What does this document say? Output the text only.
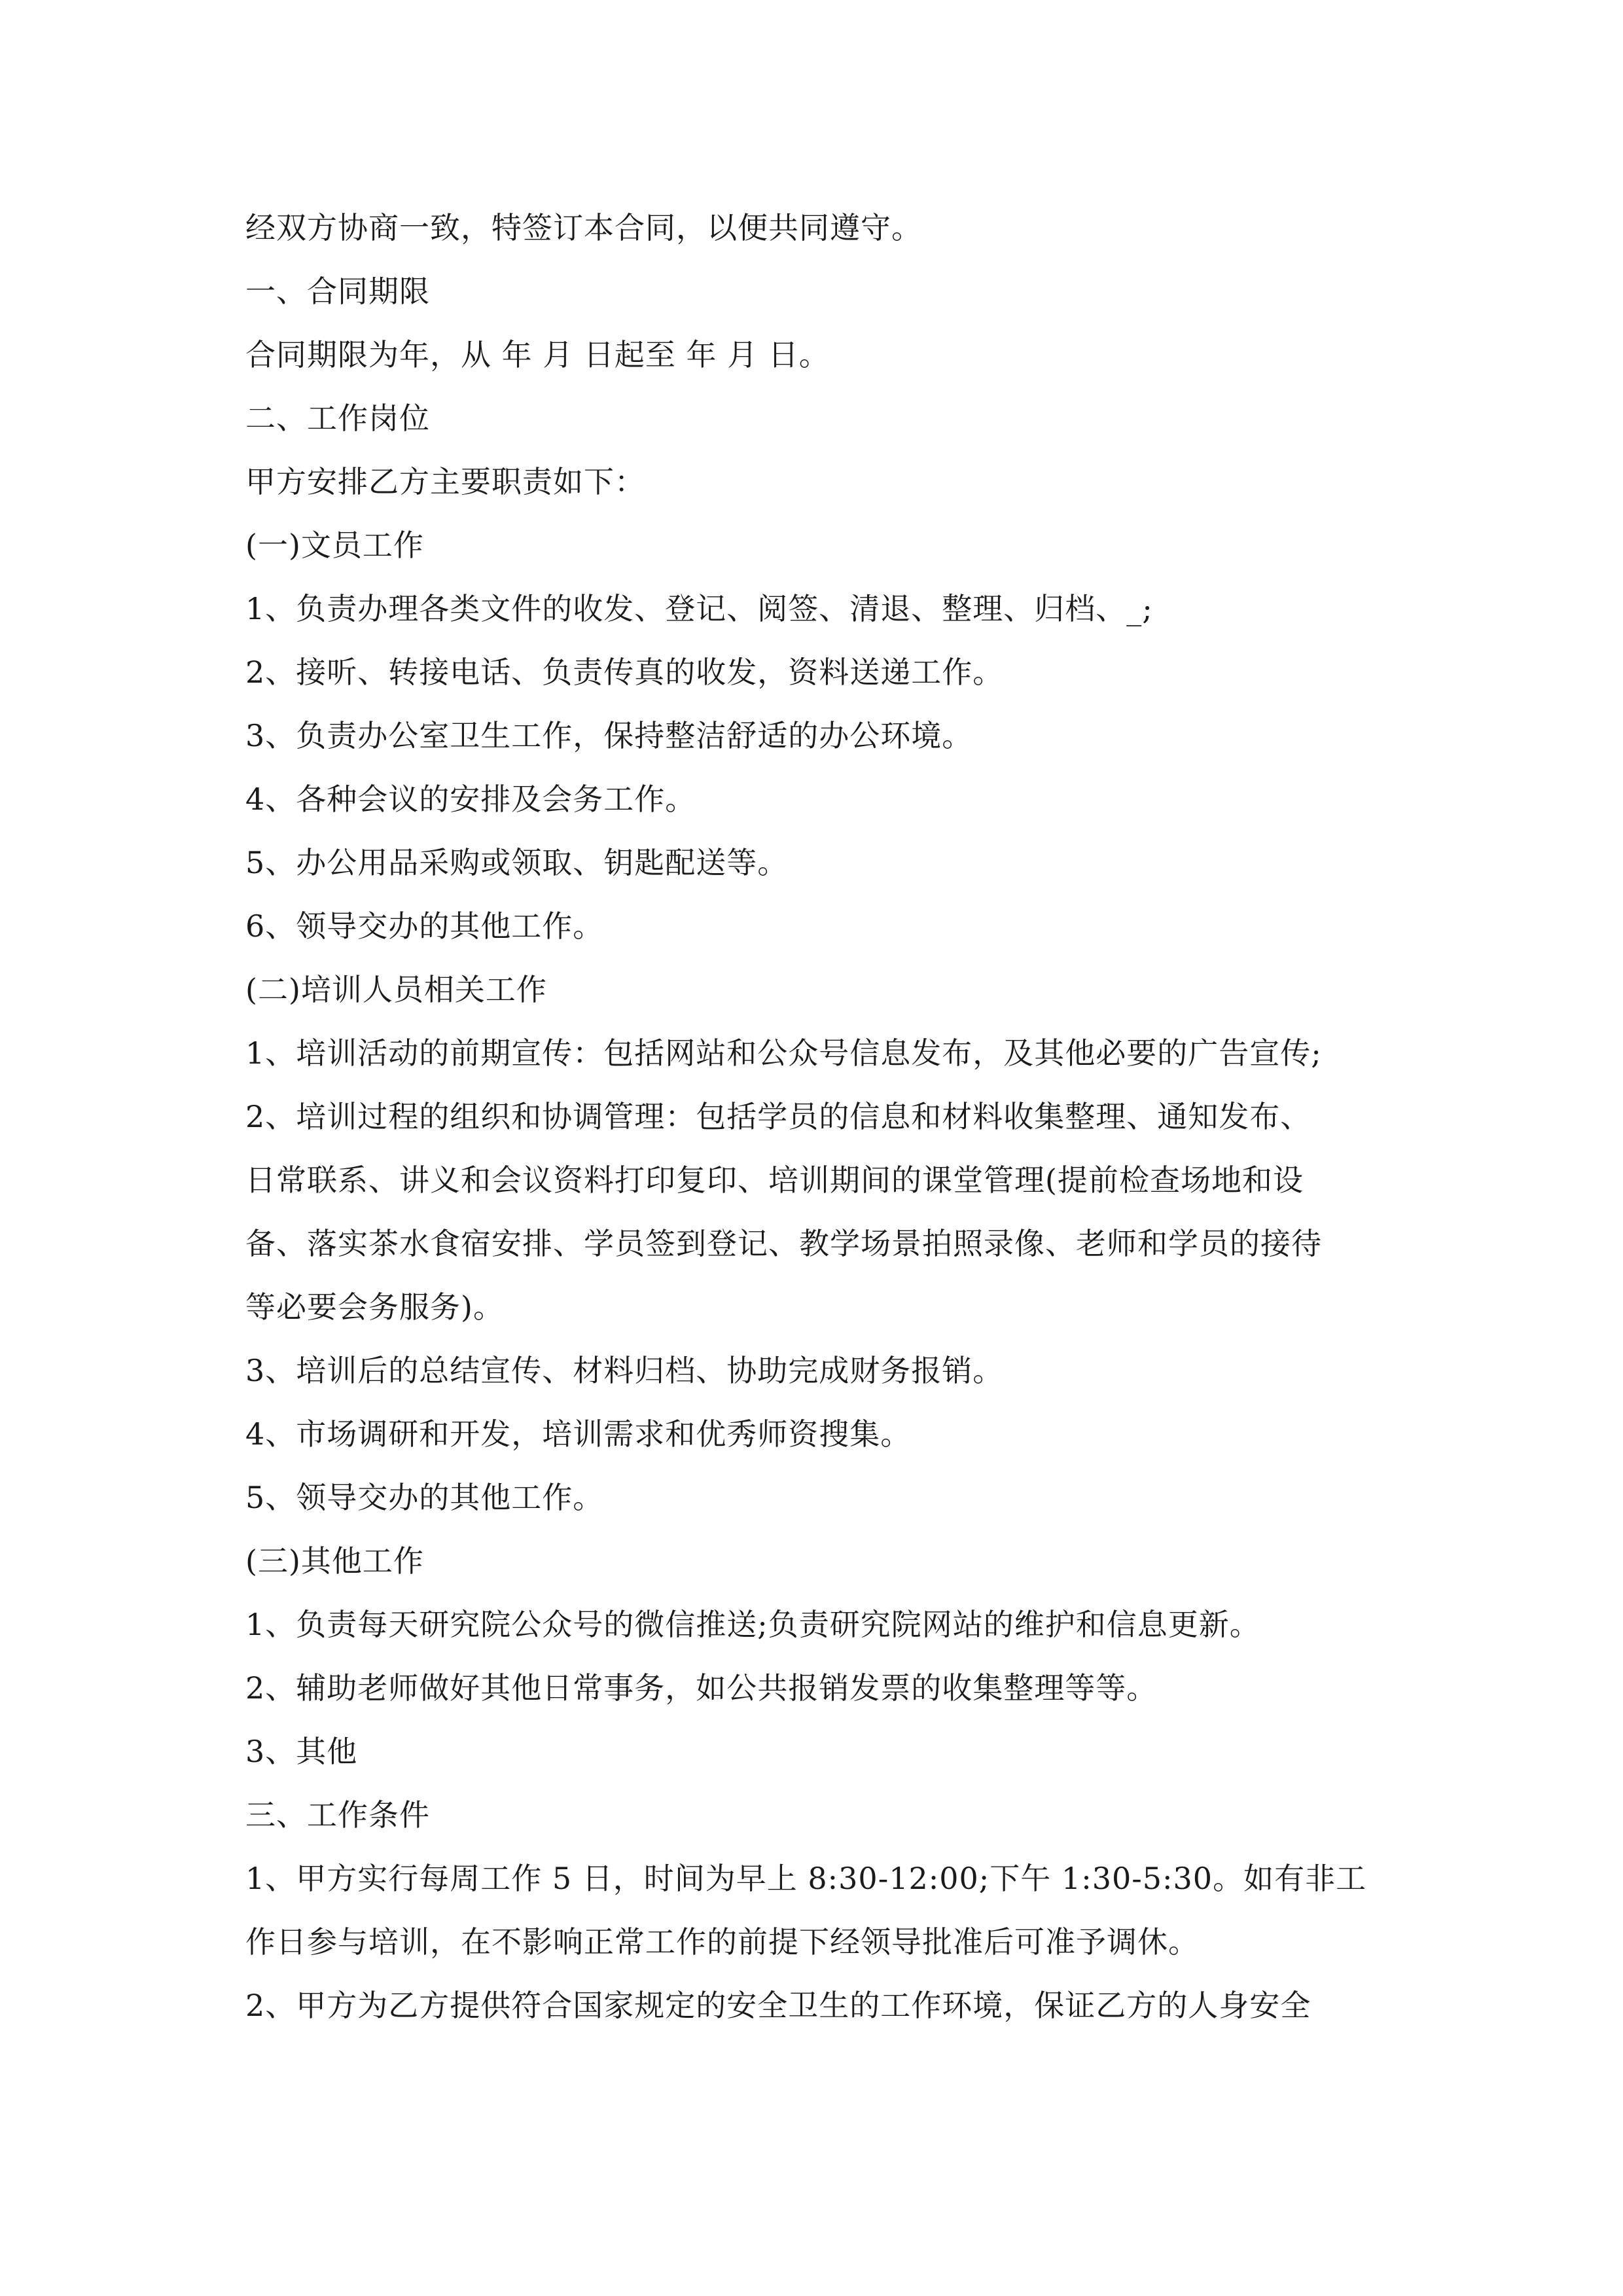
经双方协商一致，特签订本合同，以便共同遵守。
一、合同期限
合同期限为年，从 年 月 日起至 年 月 日。
二、工作岗位
甲方安排乙方主要职责如下：
(一)文员工作
1、负责办理各类文件的收发、登记、阅签、清退、整理、归档、_;
2、接听、转接电话、负责传真的收发，资料送递工作。
3、负责办公室卫生工作，保持整洁舒适的办公环境。
4、各种会议的安排及会务工作。
5、办公用品采购或领取、钥匙配送等。
6、领导交办的其他工作。
(二)培训人员相关工作
1、培训活动的前期宣传：包括网站和公众号信息发布，及其他必要的广告宣传;
2、培训过程的组织和协调管理：包括学员的信息和材料收集整理、通知发布、
日常联系、讲义和会议资料打印复印、培训期间的课堂管理(提前检查场地和设
备、落实茶水食宿安排、学员签到登记、教学场景拍照录像、老师和学员的接待
等必要会务服务)。
3、培训后的总结宣传、材料归档、协助完成财务报销。
4、市场调研和开发，培训需求和优秀师资搜集。
5、领导交办的其他工作。
(三)其他工作
1、负责每天研究院公众号的微信推送;负责研究院网站的维护和信息更新。
2、辅助老师做好其他日常事务，如公共报销发票的收集整理等等。
3、其他
三、工作条件
1、甲方实行每周工作 5 日，时间为早上 8:30-12:00;下午 1:30-5:30。如有非工
作日参与培训，在不影响正常工作的前提下经领导批准后可准予调休。
2、甲方为乙方提供符合国家规定的安全卫生的工作环境，保证乙方的人身安全
